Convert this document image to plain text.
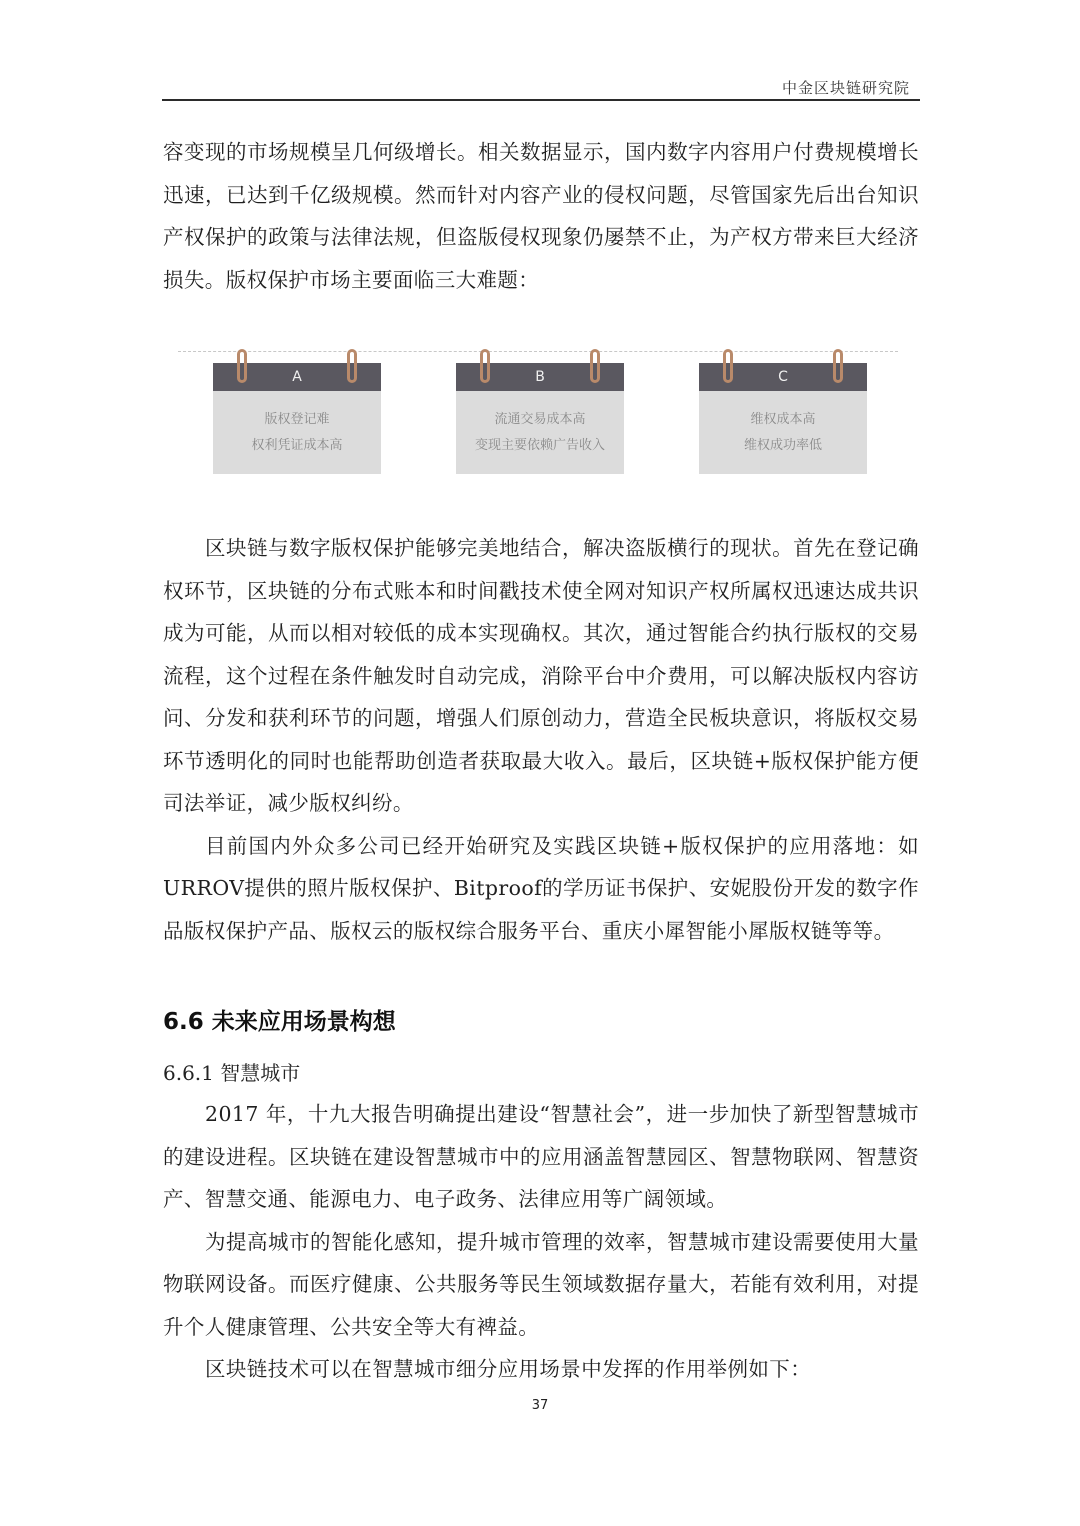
中金区块链研究院

容变现的市场规模呈几何级增长。相关数据显示，国内数字内容用户付费规模增长迅速，已达到千亿级规模。然而针对内容产业的侵权问题，尽管国家先后出台知识产权保护的政策与法律法规，但盗版侵权现象仍屡禁不止，为产权方带来巨大经济损失。版权保护市场主要面临三大难题：

A
版权登记难
权利凭证成本高
B
流通交易成本高
变现主要依赖广告收入
C
维权成本高
维权成功率低

区块链与数字版权保护能够完美地结合，解决盗版横行的现状。首先在登记确权环节，区块链的分布式账本和时间戳技术使全网对知识产权所属权迅速达成共识成为可能，从而以相对较低的成本实现确权。其次，通过智能合约执行版权的交易流程，这个过程在条件触发时自动完成，消除平台中介费用，可以解决版权内容访问、分发和获利环节的问题，增强人们原创动力，营造全民板块意识，将版权交易环节透明化的同时也能帮助创造者获取最大收入。最后，区块链+版权保护能方便司法举证，减少版权纠纷。

目前国内外众多公司已经开始研究及实践区块链+版权保护的应用落地：如URROV提供的照片版权保护、Bitproof的学历证书保护、安妮股份开发的数字作品版权保护产品、版权云的版权综合服务平台、重庆小犀智能小犀版权链等等。

6.6 未来应用场景构想
6.6.1 智慧城市

2017 年，十九大报告明确提出建设“智慧社会”，进一步加快了新型智慧城市的建设进程。区块链在建设智慧城市中的应用涵盖智慧园区、智慧物联网、智慧资产、智慧交通、能源电力、电子政务、法律应用等广阔领域。

为提高城市的智能化感知，提升城市管理的效率，智慧城市建设需要使用大量物联网设备。而医疗健康、公共服务等民生领域数据存量大，若能有效利用，对提升个人健康管理、公共安全等大有裨益。

区块链技术可以在智慧城市细分应用场景中发挥的作用举例如下：

37
